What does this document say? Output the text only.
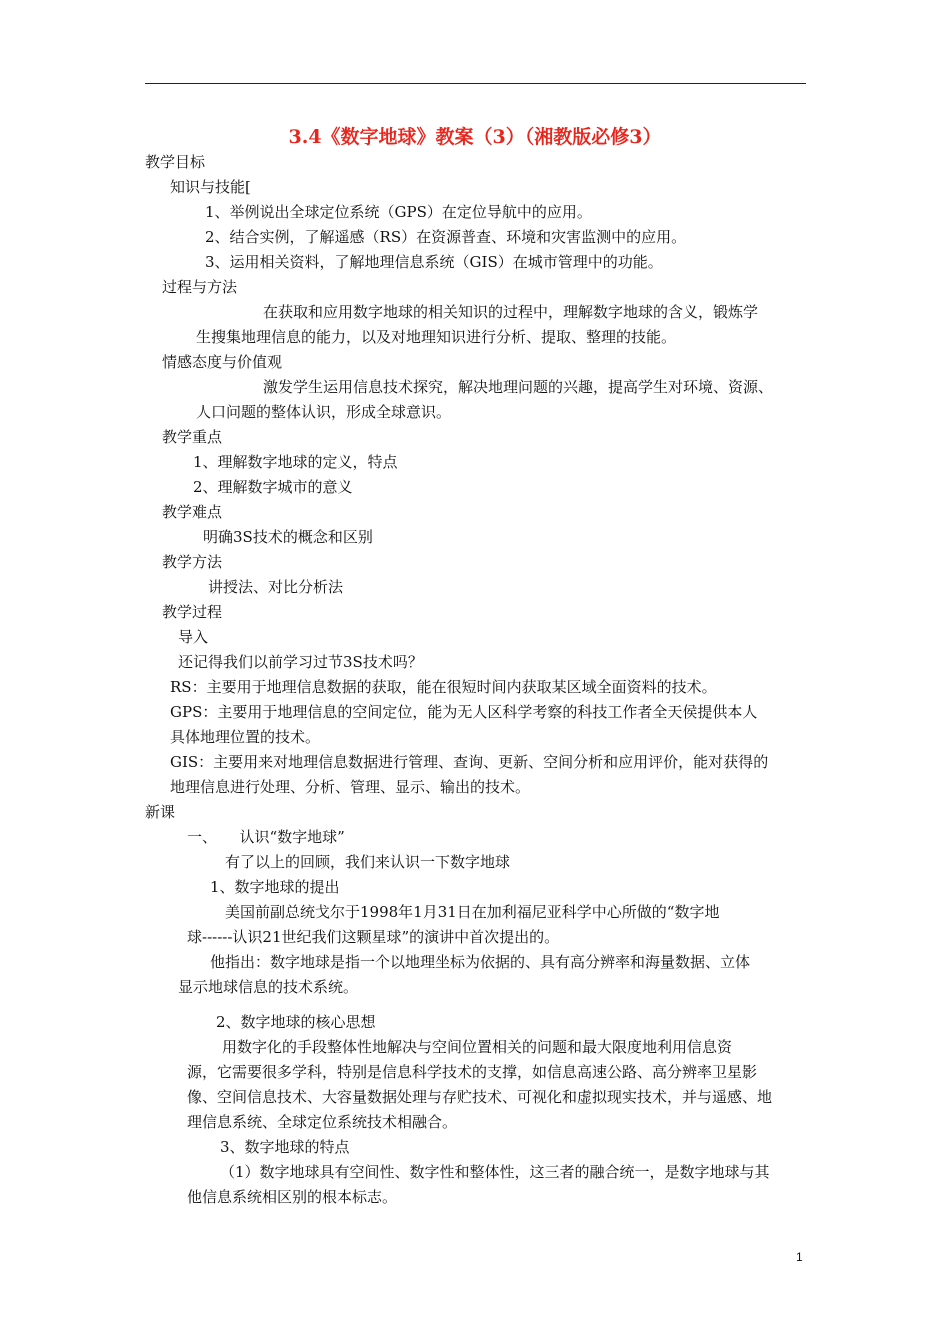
3.4《数字地球》教案（3）（湘教版必修3）
教学目标
知识与技能[
1、举例说出全球定位系统（GPS）在定位导航中的应用。
2、结合实例，了解遥感（RS）在资源普查、环境和灾害监测中的应用。
3、运用相关资料，了解地理信息系统（GIS）在城市管理中的功能。
过程与方法
在获取和应用数字地球的相关知识的过程中，理解数字地球的含义，锻炼学
生搜集地理信息的能力，以及对地理知识进行分析、提取、整理的技能。
情感态度与价值观
激发学生运用信息技术探究，解决地理问题的兴趣，提高学生对环境、资源、
人口问题的整体认识，形成全球意识。
教学重点
1、理解数字地球的定义，特点
2、理解数字城市的意义
教学难点
明确3S技术的概念和区别
教学方法
讲授法、对比分析法
教学过程
导入
还记得我们以前学习过节3S技术吗？
RS：主要用于地理信息数据的获取，能在很短时间内获取某区域全面资料的技术。
GPS：主要用于地理信息的空间定位，能为无人区科学考察的科技工作者全天侯提供本人
具体地理位置的技术。
GIS：主要用来对地理信息数据进行管理、查询、更新、空间分析和应用评价，能对获得的
地理信息进行处理、分析、管理、显示、输出的技术。
新课
一、　　认识“数字地球”
有了以上的回顾，我们来认识一下数字地球
1、数字地球的提出
美国前副总统戈尔于1998年1月31日在加利福尼亚科学中心所做的“数字地
球------认识21世纪我们这颗星球”的演讲中首次提出的。
他指出：数字地球是指一个以地理坐标为依据的、具有高分辨率和海量数据、立体
显示地球信息的技术系统。
2、数字地球的核心思想
用数字化的手段整体性地解决与空间位置相关的问题和最大限度地利用信息资
源，它需要很多学科，特别是信息科学技术的支撑，如信息高速公路、高分辨率卫星影
像、空间信息技术、大容量数据处理与存贮技术、可视化和虚拟现实技术，并与遥感、地
理信息系统、全球定位系统技术相融合。
3、数字地球的特点
（1）数字地球具有空间性、数字性和整体性，这三者的融合统一，是数字地球与其
他信息系统相区别的根本标志。
1
